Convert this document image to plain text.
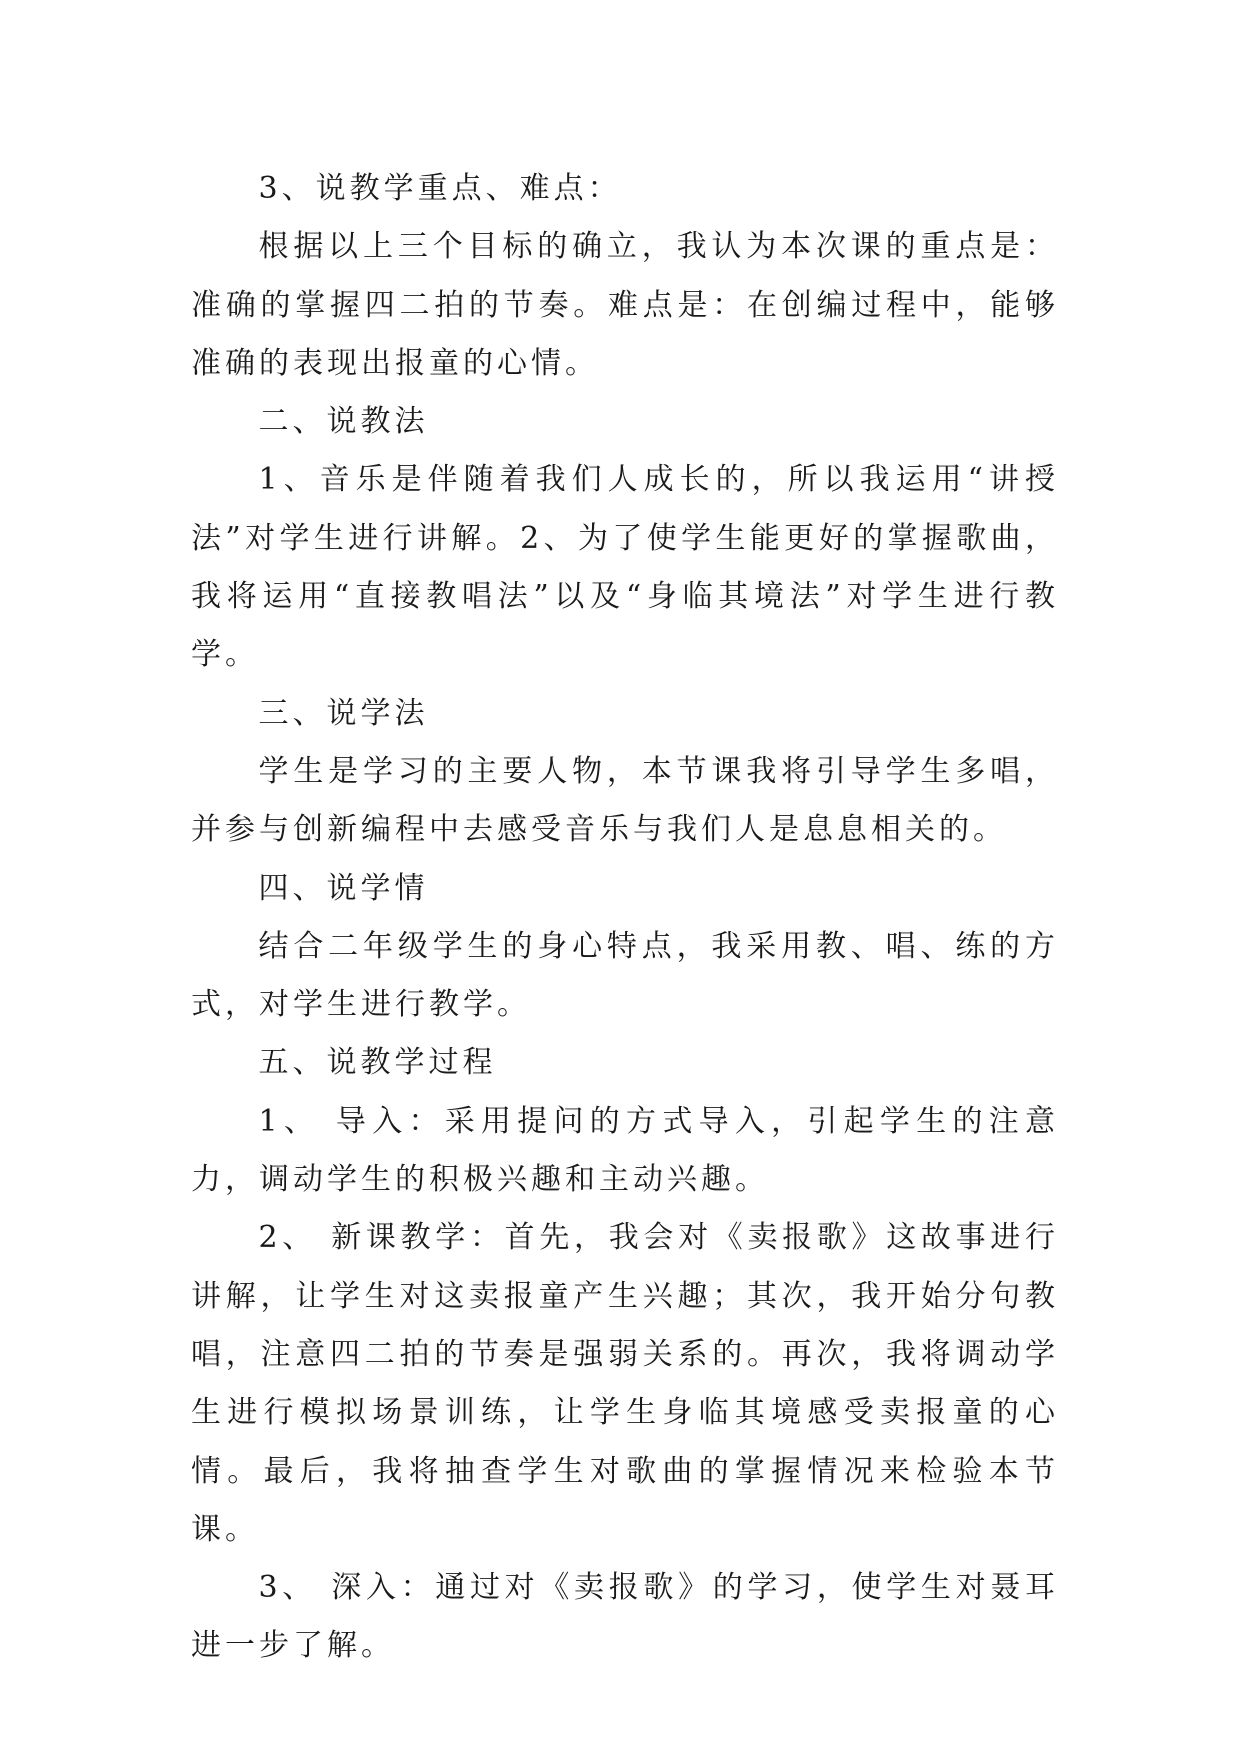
3、说教学重点、难点：

根据以上三个目标的确立，我认为本次课的重点是：准确的掌握四二拍的节奏。难点是：在创编过程中，能够准确的表现出报童的心情。

二、说教法

1、音乐是伴随着我们人成长的，所以我运用“讲授法”对学生进行讲解。2、为了使学生能更好的掌握歌曲，我将运用“直接教唱法”以及“身临其境法”对学生进行教学。

三、说学法

学生是学习的主要人物，本节课我将引导学生多唱，并参与创新编程中去感受音乐与我们人是息息相关的。

四、说学情

结合二年级学生的身心特点，我采用教、唱、练的方式，对学生进行教学。

五、说教学过程

1、 导入：采用提问的方式导入，引起学生的注意力，调动学生的积极兴趣和主动兴趣。

2、 新课教学：首先，我会对《卖报歌》这故事进行讲解，让学生对这卖报童产生兴趣；其次，我开始分句教唱，注意四二拍的节奏是强弱关系的。再次，我将调动学生进行模拟场景训练，让学生身临其境感受卖报童的心情。最后，我将抽查学生对歌曲的掌握情况来检验本节课。

3、 深入：通过对《卖报歌》的学习，使学生对聂耳进一步了解。
